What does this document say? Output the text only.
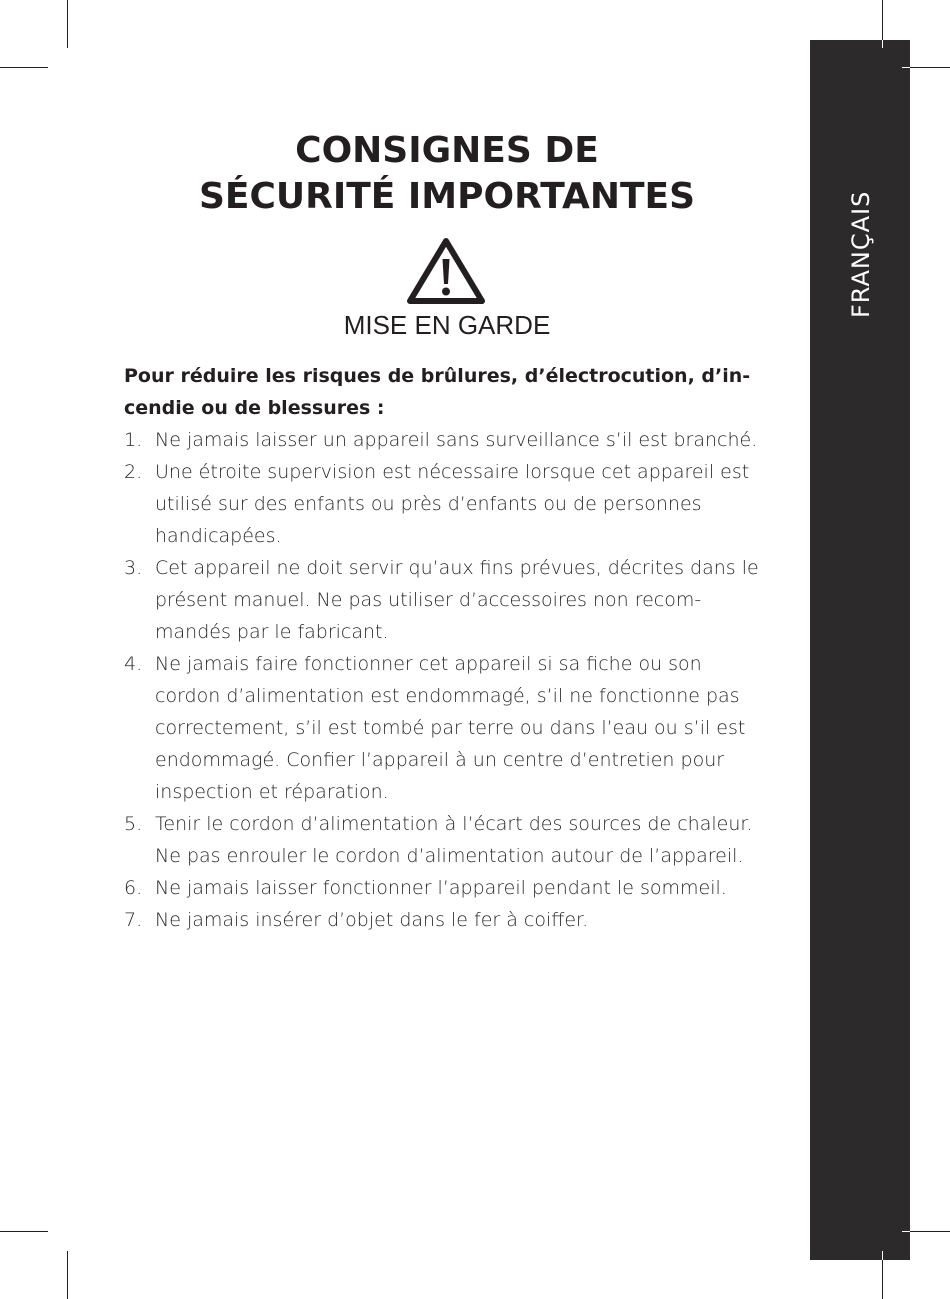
FRANÇAIS
CONSIGNES DE
SÉCURITÉ IMPORTANTES
MISE EN GARDE

Pour réduire les risques de brûlures, d’électrocution, d’incendie ou de blessures :

1. Ne jamais laisser un appareil sans surveillance s’il est branché.
2. Une étroite supervision est nécessaire lorsque cet appareil est utilisé sur des enfants ou près d’enfants ou de personnes handicapées.
3. Cet appareil ne doit servir qu’aux fins prévues, décrites dans le présent manuel. Ne pas utiliser d’accessoires non recommandés par le fabricant.
4. Ne jamais faire fonctionner cet appareil si sa fiche ou son cordon d’alimentation est endommagé, s’il ne fonctionne pas correctement, s’il est tombé par terre ou dans l’eau ou s’il est endommagé. Confier l’appareil à un centre d’entretien pour inspection et réparation.
5. Tenir le cordon d’alimentation à l’écart des sources de chaleur. Ne pas enrouler le cordon d’alimentation autour de l’appareil.
6. Ne jamais laisser fonctionner l’appareil pendant le sommeil.
7. Ne jamais insérer d’objet dans le fer à coiffer.
